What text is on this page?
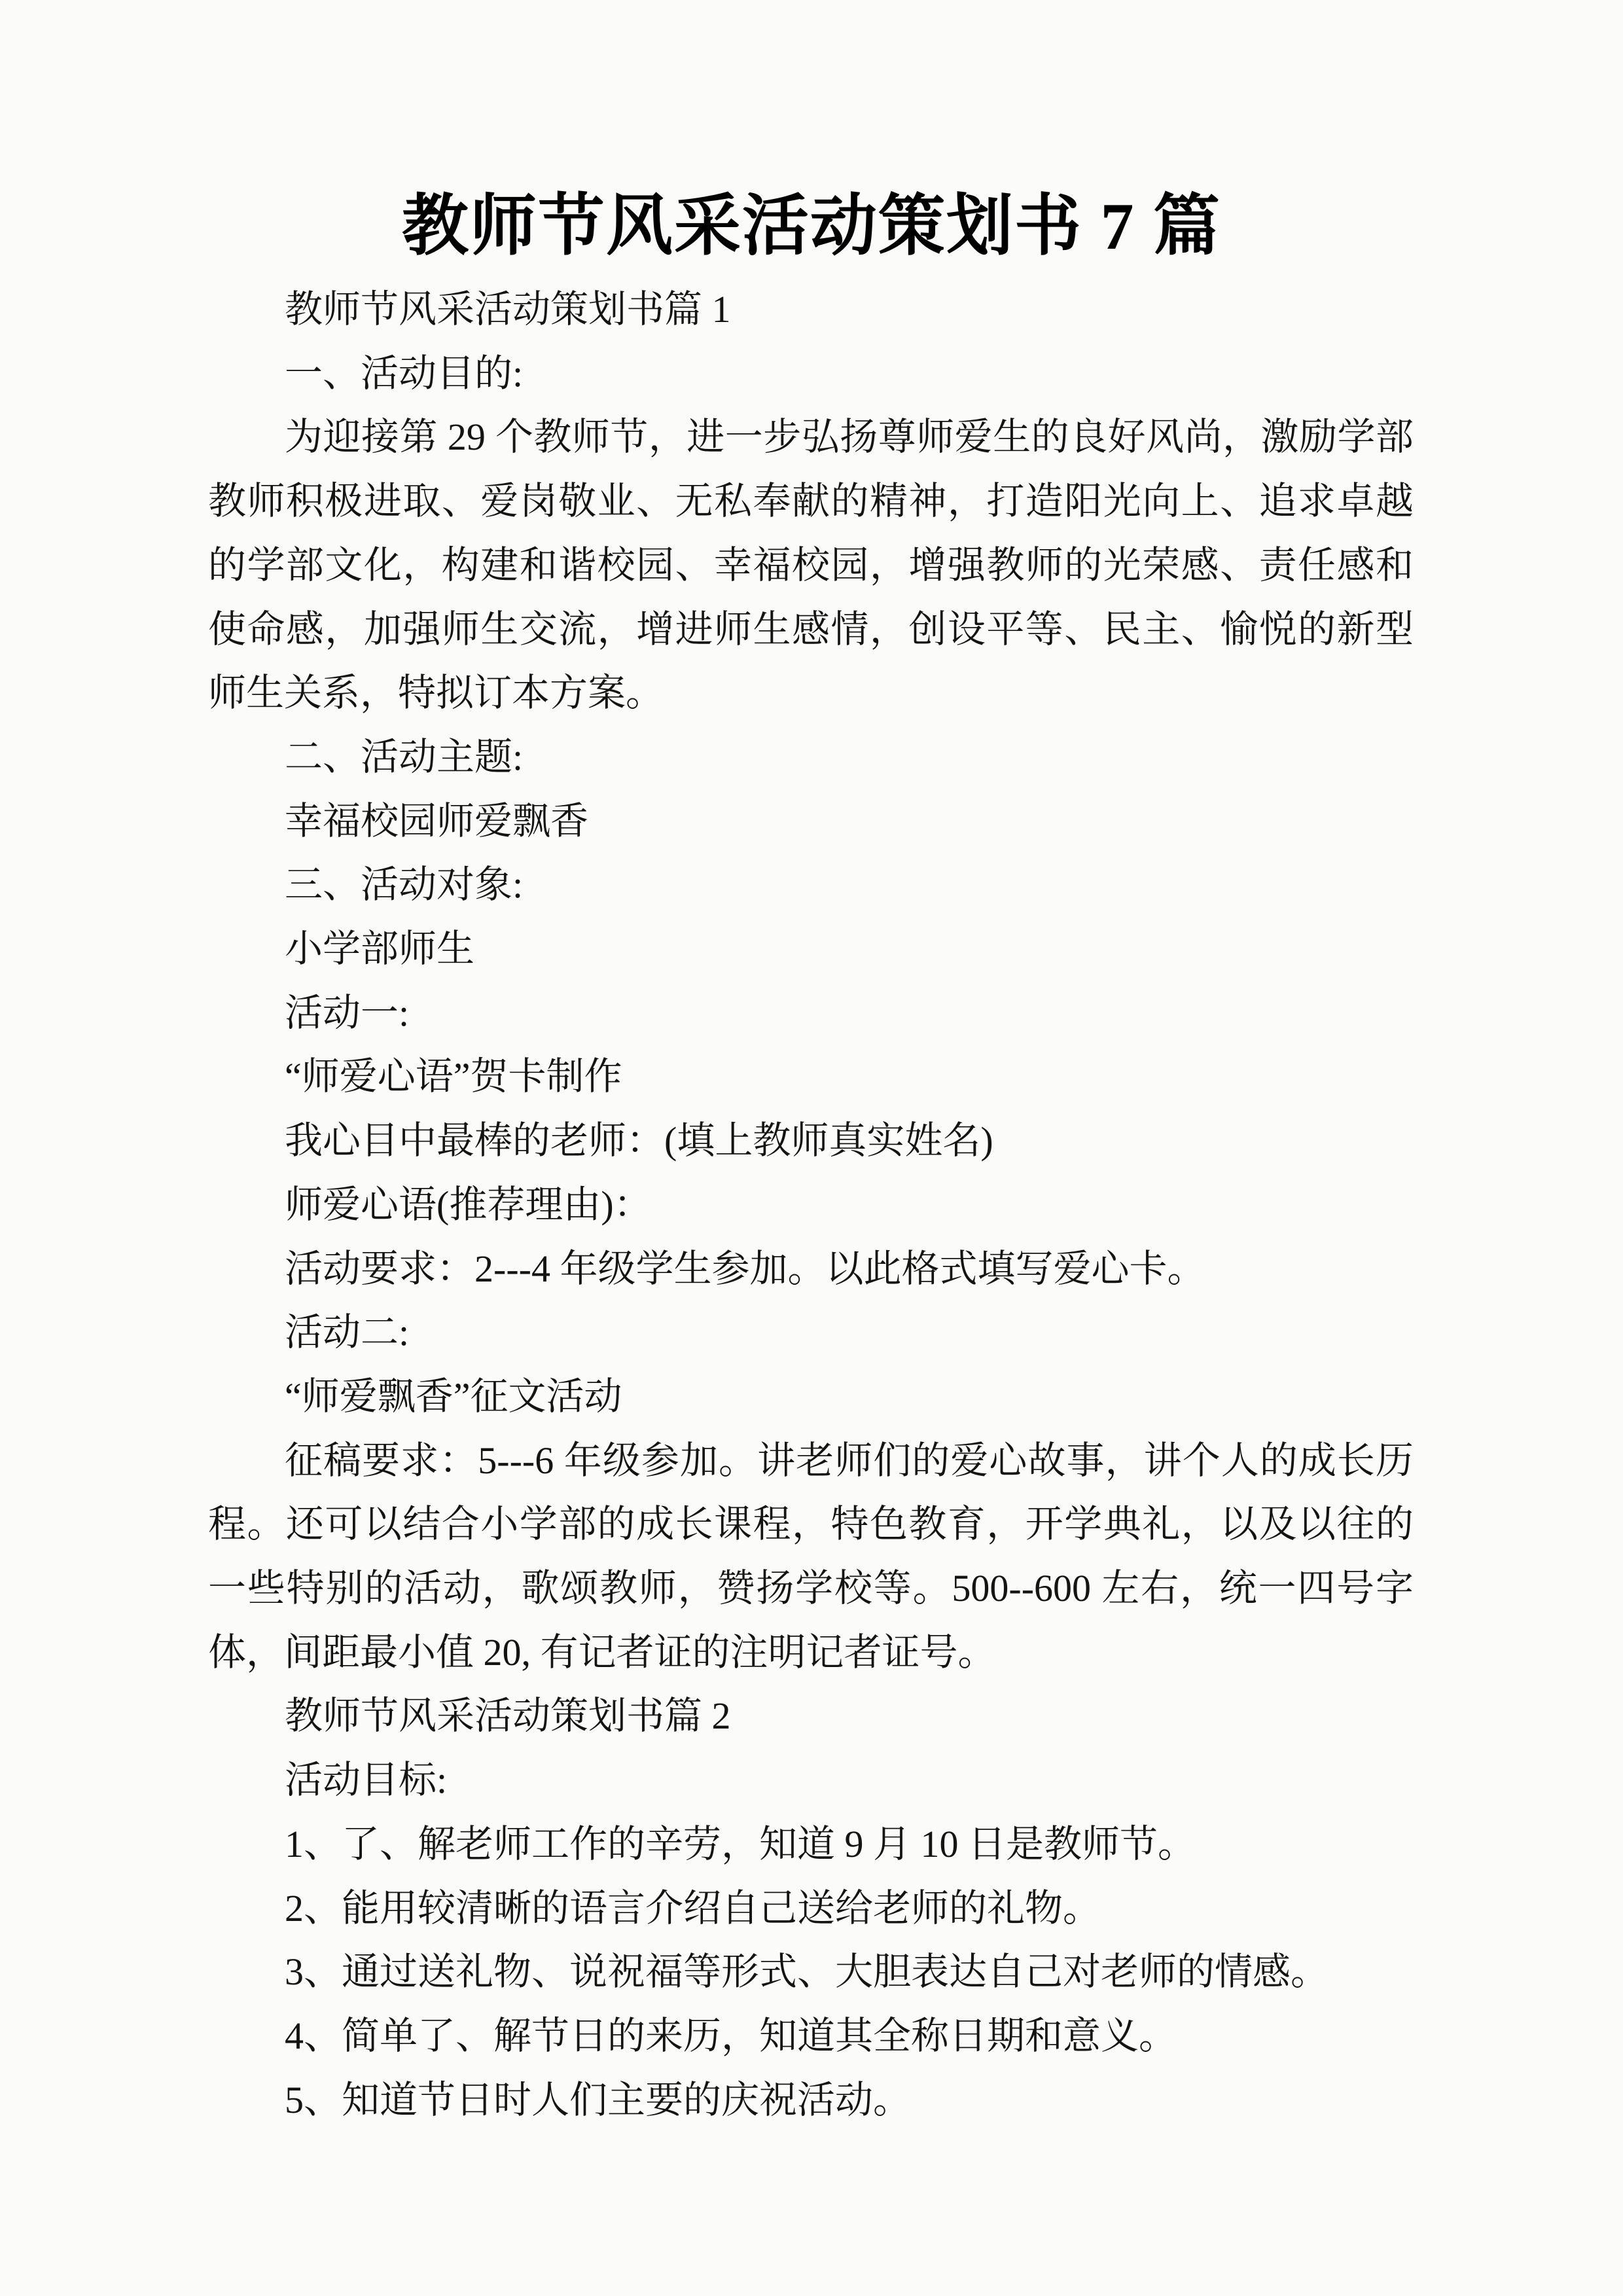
教师节风采活动策划书 7 篇

教师节风采活动策划书篇 1

一、活动目的:

为迎接第 29 个教师节，进一步弘扬尊师爱生的良好风尚，激励学部教师积极进取、爱岗敬业、无私奉献的精神，打造阳光向上、追求卓越的学部文化，构建和谐校园、幸福校园，增强教师的光荣感、责任感和使命感，加强师生交流，增进师生感情，创设平等、民主、愉悦的新型师生关系，特拟订本方案。

二、活动主题:

幸福校园师爱飘香

三、活动对象:

小学部师生

活动一:

“师爱心语”贺卡制作

我心目中最棒的老师：(填上教师真实姓名)

师爱心语(推荐理由)：

活动要求：2---4 年级学生参加。以此格式填写爱心卡。

活动二:

“师爱飘香”征文活动

征稿要求：5---6 年级参加。讲老师们的爱心故事，讲个人的成长历程。还可以结合小学部的成长课程，特色教育，开学典礼，以及以往的一些特别的活动，歌颂教师，赞扬学校等。500--600 左右，统一四号字体，间距最小值 20, 有记者证的注明记者证号。

教师节风采活动策划书篇 2

活动目标:

1、了、解老师工作的辛劳，知道 9 月 10 日是教师节。

2、能用较清晰的语言介绍自己送给老师的礼物。

3、通过送礼物、说祝福等形式、大胆表达自己对老师的情感。

4、简单了、解节日的来历，知道其全称日期和意义。

5、知道节日时人们主要的庆祝活动。
